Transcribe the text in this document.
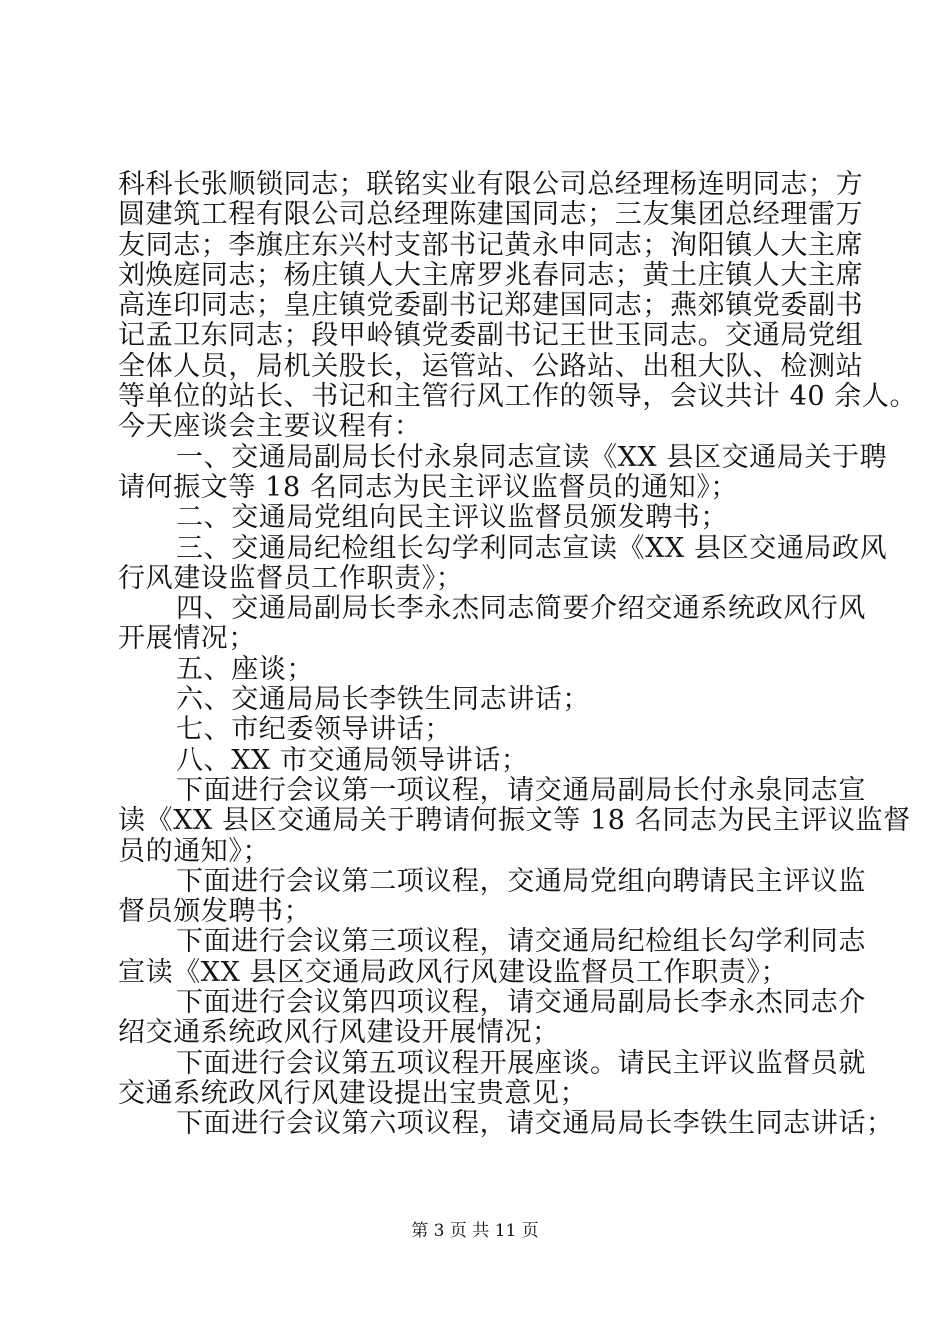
科科长张顺锁同志；联铭实业有限公司总经理杨连明同志；方

圆建筑工程有限公司总经理陈建国同志；三友集团总经理雷万

友同志；李旗庄东兴村支部书记黄永申同志；洵阳镇人大主席

刘焕庭同志；杨庄镇人大主席罗兆春同志；黄土庄镇人大主席

高连印同志；皇庄镇党委副书记郑建国同志；燕郊镇党委副书

记孟卫东同志；段甲岭镇党委副书记王世玉同志。交通局党组

全体人员，局机关股长，运管站、公路站、出租大队、检测站

等单位的站长、书记和主管行风工作的领导，会议共计 40 余人。

今天座谈会主要议程有：

一、交通局副局长付永泉同志宣读《XX 县区交通局关于聘

请何振文等 18 名同志为民主评议监督员的通知》；

二、交通局党组向民主评议监督员颁发聘书；

三、交通局纪检组长勾学利同志宣读《XX 县区交通局政风

行风建设监督员工作职责》；

四、交通局副局长李永杰同志简要介绍交通系统政风行风

开展情况；

五、座谈；

六、交通局局长李铁生同志讲话；

七、市纪委领导讲话；

八、XX 市交通局领导讲话；

下面进行会议第一项议程，请交通局副局长付永泉同志宣

读《XX 县区交通局关于聘请何振文等 18 名同志为民主评议监督

员的通知》；

下面进行会议第二项议程，交通局党组向聘请民主评议监

督员颁发聘书；

下面进行会议第三项议程，请交通局纪检组长勾学利同志

宣读《XX 县区交通局政风行风建设监督员工作职责》；

下面进行会议第四项议程，请交通局副局长李永杰同志介

绍交通系统政风行风建设开展情况；

下面进行会议第五项议程开展座谈。请民主评议监督员就

交通系统政风行风建设提出宝贵意见；

下面进行会议第六项议程，请交通局局长李铁生同志讲话；

第 3 页 共 11 页
